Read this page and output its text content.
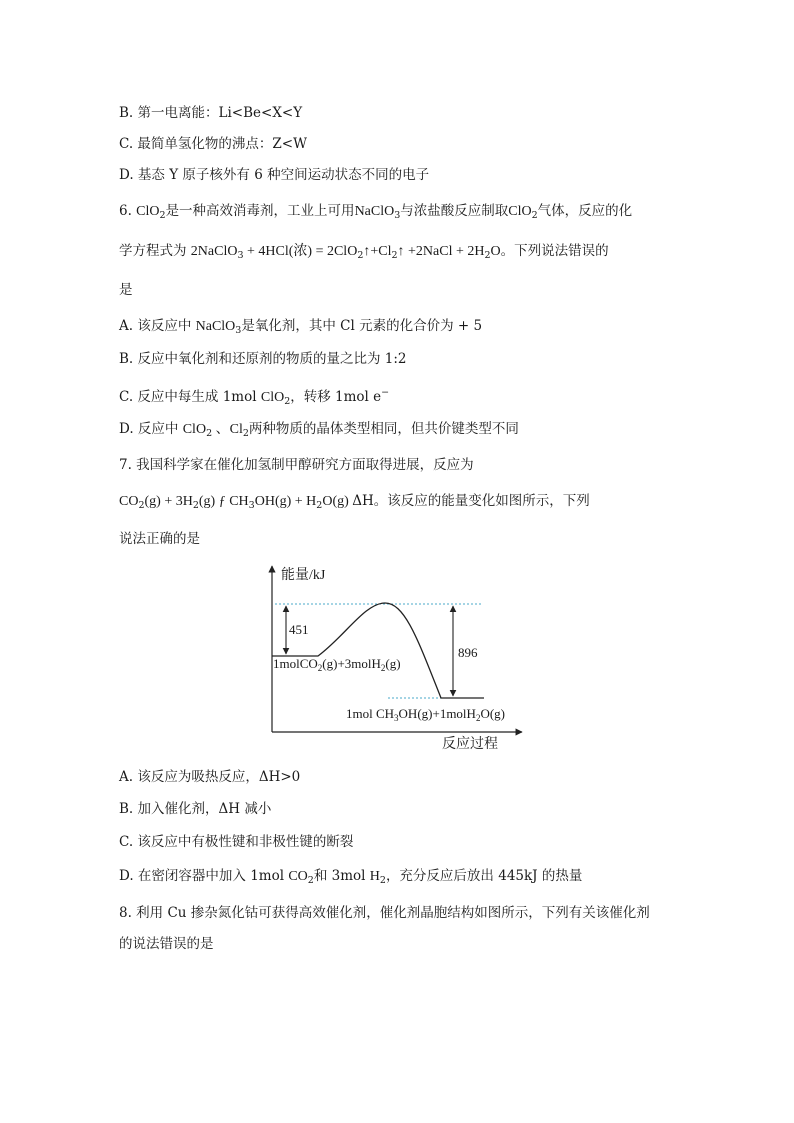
B. 第一电离能：Li<Be<X<Y
C. 最简单氢化物的沸点：Z<W
D. 基态 Y 原子核外有 6 种空间运动状态不同的电子
6. ClO$_2$是一种高效消毒剂，工业上可用NaClO$_3$与浓盐酸反应制取ClO$_2$气体，反应的化
学方程式为 2NaClO$_3$ + 4HCl(浓) = $2ClO_2↑+Cl_2↑$ +2NaCl + $2H_2O$。下列说法错误的
是
A. 该反应中 NaClO$_3$是氧化剂，其中 Cl 元素的化合价为 + 5
B. 反应中氧化剂和还原剂的物质的量之比为 1:2
C. 反应中每生成 1mol ClO$_2$，转移 1mol e−
D. 反应中 ClO$_2$ 、$Cl_2$两种物质的晶体类型相同，但共价键类型不同
7. 我国科学家在催化加氢制甲醇研究方面取得进展，反应为
$CO_2(g) + 3H_2(g)$ ƒ $CH_3OH(g) + H_2O(g)$ ΔH。该反应的能量变化如图所示，下列
说法正确的是
能量/kJ
反应过程
451
896
1molCO$_2$(g)+3molH$_2$(g)
1mol $CH_3OH(g)+1molH_2O(g)$
A. 该反应为吸热反应，ΔH>0
B. 加入催化剂，ΔH 减小
C. 该反应中有极性键和非极性键的断裂
D. 在密闭容器中加入 1mol $CO_2$和 3mol $H_2$，充分反应后放出 445kJ 的热量
8. 利用 Cu 掺杂氮化钴可获得高效催化剂，催化剂晶胞结构如图所示，下列有关该催化剂
的说法错误的是
